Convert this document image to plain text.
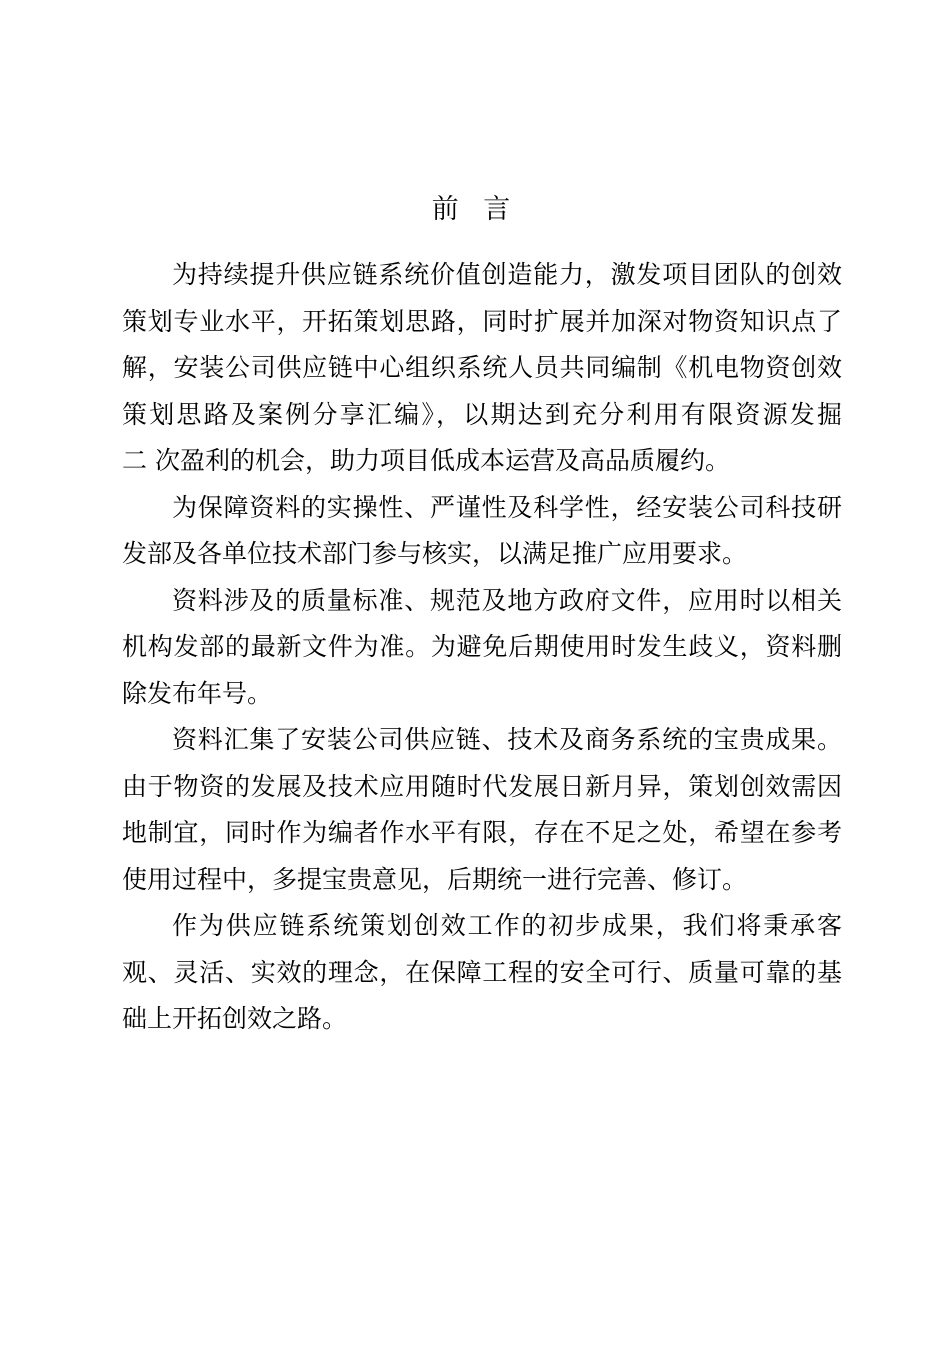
前 言
为持续提升供应链系统价值创造能力，激发项目团队的创效
策划专业水平，开拓策划思路，同时扩展并加深对物资知识点了
解，安装公司供应链中心组织系统人员共同编制《机电物资创效
策划思路及案例分享汇编》，以期达到充分利用有限资源发掘
二 次盈利的机会，助力项目低成本运营及高品质履约。
为保障资料的实操性、严谨性及科学性，经安装公司科技研
发部及各单位技术部门参与核实，以满足推广应用要求。
资料涉及的质量标准、规范及地方政府文件，应用时以相关
机构发部的最新文件为准。为避免后期使用时发生歧义，资料删
除发布年号。
资料汇集了安装公司供应链、技术及商务系统的宝贵成果。
由于物资的发展及技术应用随时代发展日新月异，策划创效需因
地制宜，同时作为编者作水平有限，存在不足之处，希望在参考
使用过程中，多提宝贵意见，后期统一进行完善、修订。
作为供应链系统策划创效工作的初步成果，我们将秉承客
观、灵活、实效的理念，在保障工程的安全可行、质量可靠的基
础上开拓创效之路。
